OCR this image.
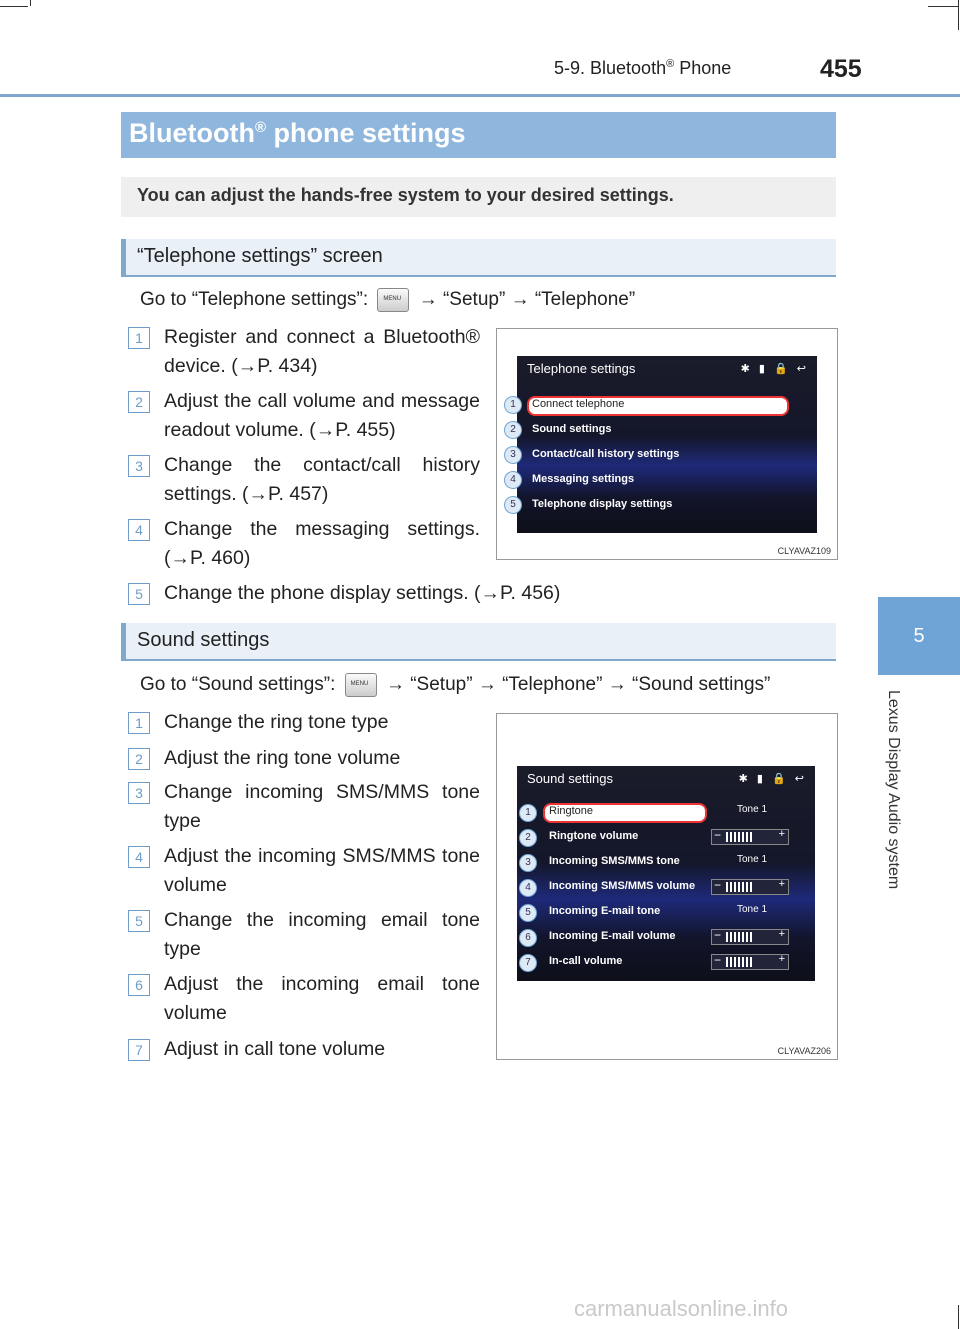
5-9. Bluetooth® Phone	455
5
Lexus Display Audio system
Bluetooth® phone settings
You can adjust the hands-free system to your desired settings.
“Telephone settings” screen
Go to “Telephone settings”: MENU	→ “Setup” → “Telephone”
1	Register and connect a Bluetooth® device. (→P. 434)
2	Adjust the call volume and message readout volume. (→P. 455)
3	Change the contact/call history settings. (→P. 457)
4	Change the messaging settings. (→P. 460)
5	Change the phone display settings. (→P. 456)
Telephone settings	✱ ▮ 🔒 ↩
Connect telephone
Sound settings
Contact/call history settings
Messaging settings
Telephone display settings
1
2
3
4
5
CLYAVAZ109
Sound settings
Go to “Sound settings”: MENU	→ “Setup” → “Telephone” → “Sound settings”
1	Change the ring tone type
2	Adjust the ring tone volume
3	Change incoming SMS/MMS tone type
4	Adjust the incoming SMS/MMS tone volume
5	Change the incoming email tone type
6	Adjust the incoming email tone volume
7	Adjust in call tone volume
Sound settings	✱ ▮ 🔒 ↩
Ringtone	Tone 1
Ringtone volume	−	+
Incoming SMS/MMS tone	Tone 1
Incoming SMS/MMS volume −	+
Incoming E-mail tone	Tone 1
Incoming E-mail volume	−	+
In-call volume	−	+
1
2
3
4
5
6
7
CLYAVAZ206
carmanualsonline.info
